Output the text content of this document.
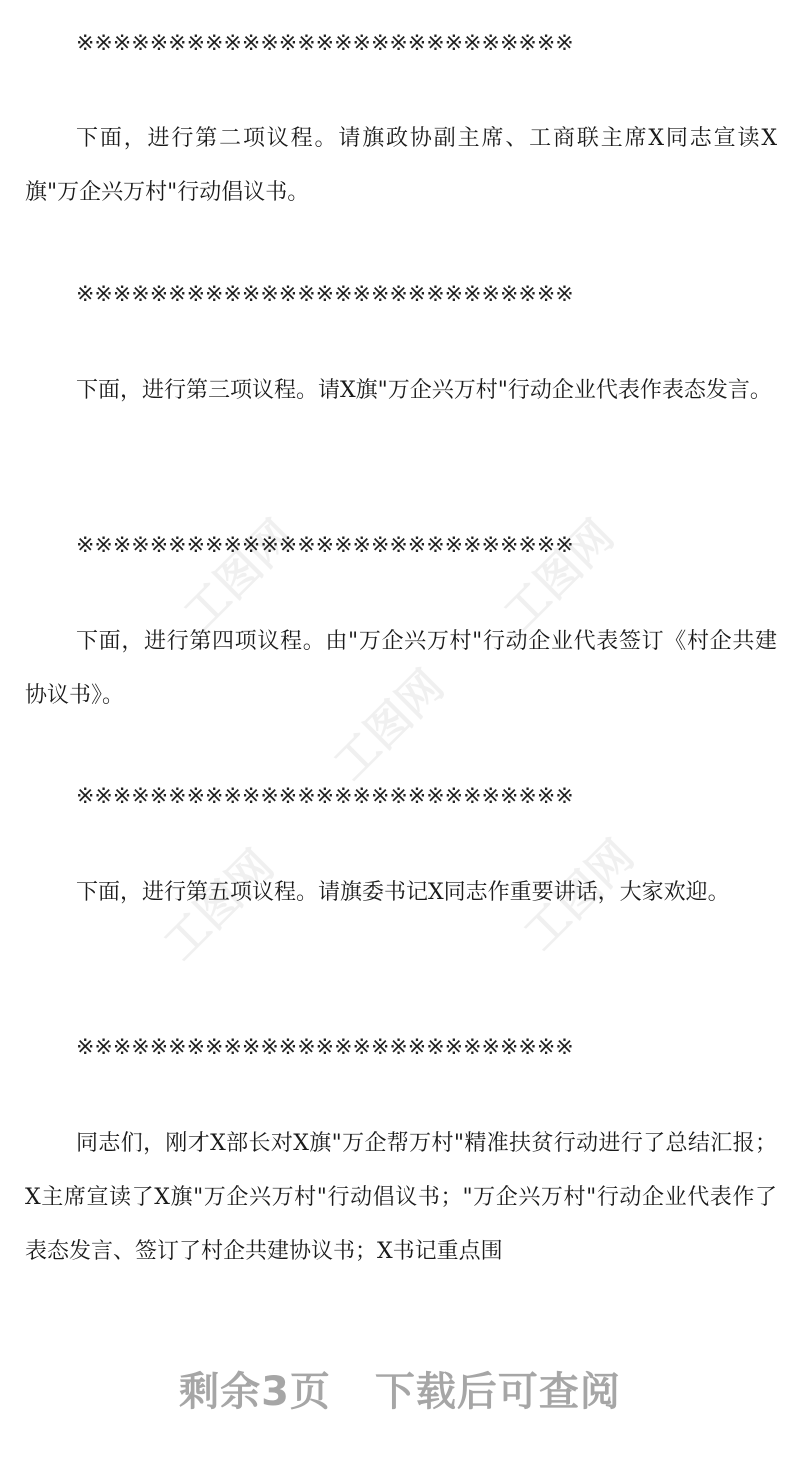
工图网	工图网
工图网
工图网	工图网
※※※※※※※※※※※※※※※※※※※※※※※※※※※

下面，进行第二项议程。请旗政协副主席、工商联主席X同志宣读X旗"万企兴万村"行动倡议书。

※※※※※※※※※※※※※※※※※※※※※※※※※※※

下面，进行第三项议程。请X旗"万企兴万村"行动企业代表作表态发言。

※※※※※※※※※※※※※※※※※※※※※※※※※※※

下面，进行第四项议程。由"万企兴万村"行动企业代表签订《村企共建协议书》。

※※※※※※※※※※※※※※※※※※※※※※※※※※※

下面，进行第五项议程。请旗委书记X同志作重要讲话，大家欢迎。

※※※※※※※※※※※※※※※※※※※※※※※※※※※

同志们，刚才X部长对X旗"万企帮万村"精准扶贫行动进行了总结汇报；X主席宣读了X旗"万企兴万村"行动倡议书；"万企兴万村"行动企业代表作了表态发言、签订了村企共建协议书；X书记重点围

剩余3页 下载后可查阅
